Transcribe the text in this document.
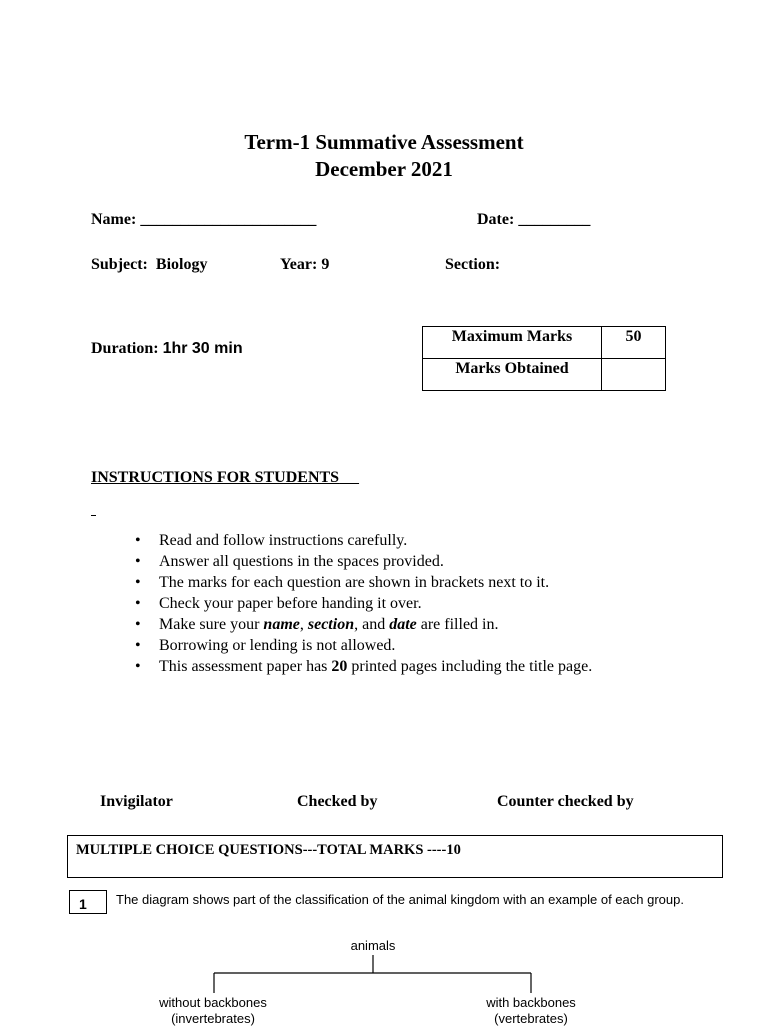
Term-1 Summative Assessment
December 2021
Name: ______________________	Date: _________
Subject: Biology	Year: 9	Section:
Duration: 1hr 30 min
Maximum Marks	50
Marks Obtained	
INSTRUCTIONS FOR STUDENTS
• Read and follow instructions carefully.
• Answer all questions in the spaces provided.
• The marks for each question are shown in brackets next to it.
• Check your paper before handing it over.
• Make sure your name, section, and date are filled in.
• Borrowing or lending is not allowed.
• This assessment paper has 20 printed pages including the title page.
Invigilator	Checked by	Counter checked by
MULTIPLE CHOICE QUESTIONS---TOTAL MARKS ----10
1	The diagram shows part of the classification of the animal kingdom with an example of each group.
animals
without backbones
(invertebrates)
with backbones
(vertebrates)
